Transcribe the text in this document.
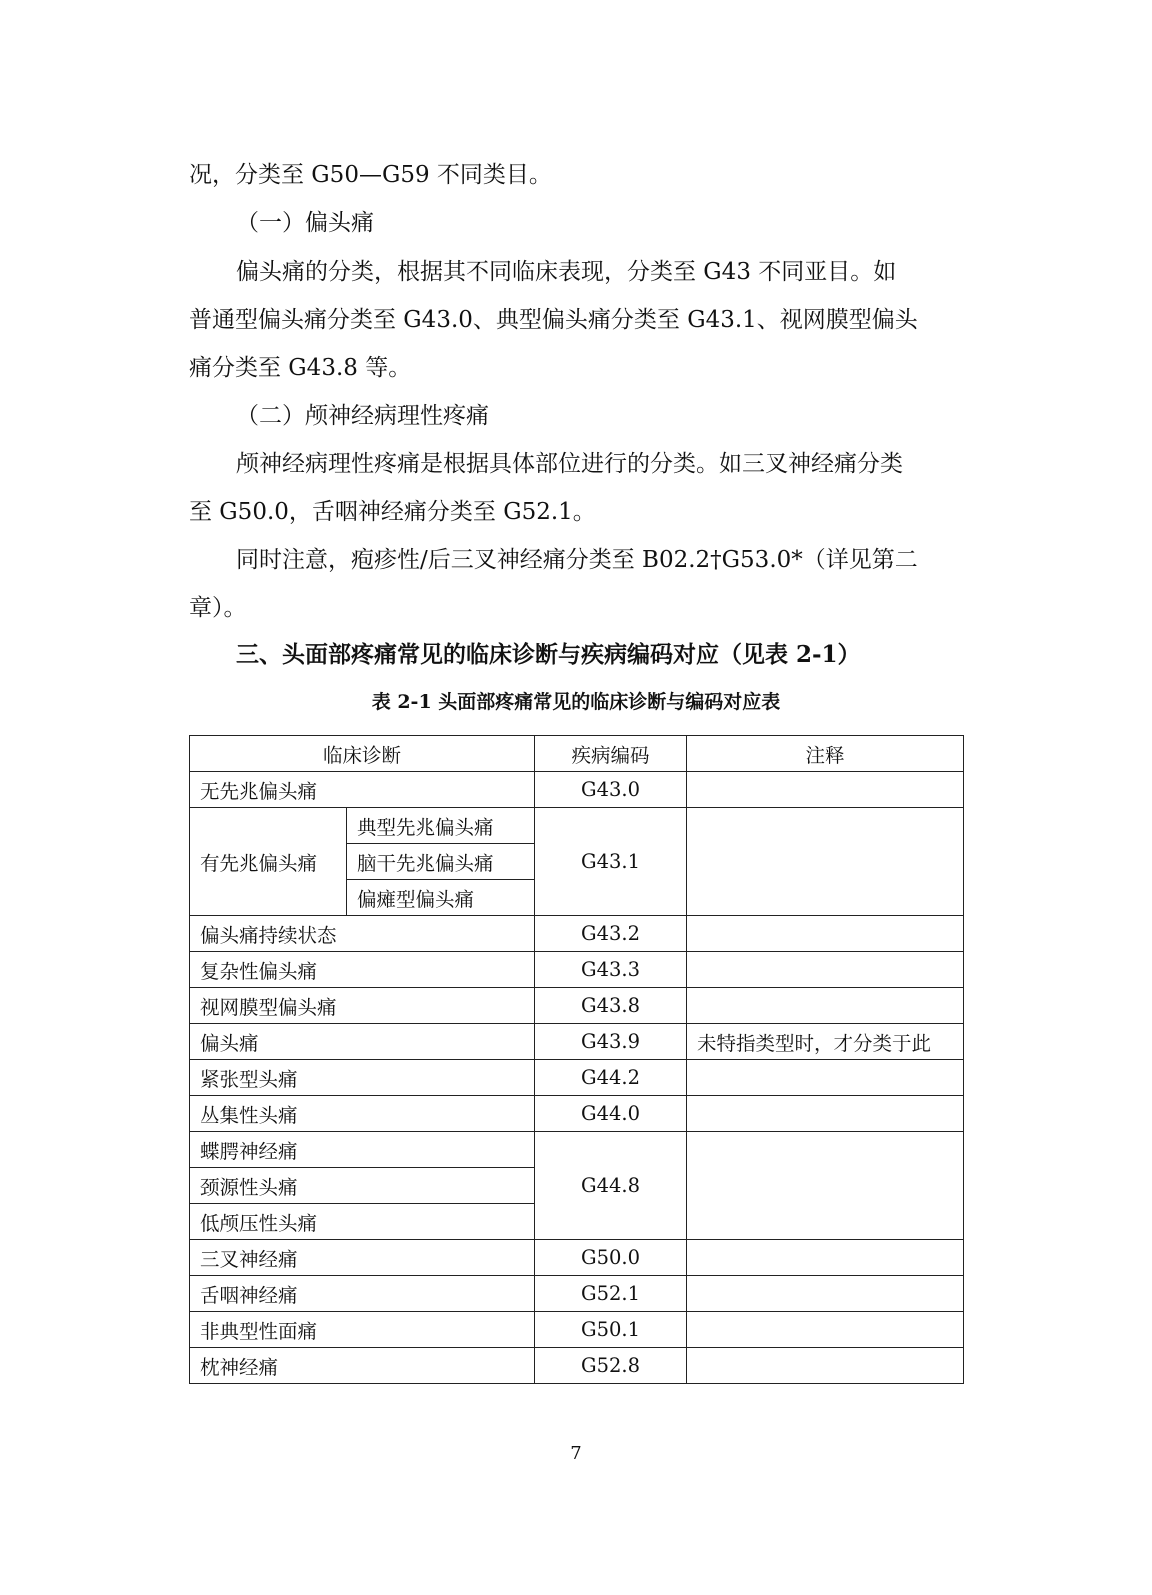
况，分类至 G50—G59 不同类目。

（一）偏头痛

偏头痛的分类，根据其不同临床表现，分类至 G43 不同亚目。如

普通型偏头痛分类至 G43.0、典型偏头痛分类至 G43.1、视网膜型偏头

痛分类至 G43.8 等。

（二）颅神经病理性疼痛

颅神经病理性疼痛是根据具体部位进行的分类。如三叉神经痛分类

至 G50.0，舌咽神经痛分类至 G52.1。

同时注意，疱疹性/后三叉神经痛分类至 B02.2†G53.0*（详见第二

章）。

三、头面部疼痛常见的临床诊断与疾病编码对应（见表 2-1）

表 2-1 头面部疼痛常见的临床诊断与编码对应表

临床诊断		疾病编码	注释
无先兆偏头痛		G43.0	
有先兆偏头痛	典型先兆偏头痛	G43.1	
	脑干先兆偏头痛		
	偏瘫型偏头痛		
偏头痛持续状态		G43.2	
复杂性偏头痛		G43.3	
视网膜型偏头痛		G43.8	
偏头痛		G43.9	未特指类型时，才分类于此
紧张型头痛		G44.2	
丛集性头痛		G44.0	
蝶腭神经痛		G44.8	
颈源性头痛			
低颅压性头痛			
三叉神经痛		G50.0	
舌咽神经痛		G52.1	
非典型性面痛		G50.1	
枕神经痛		G52.8	

7
